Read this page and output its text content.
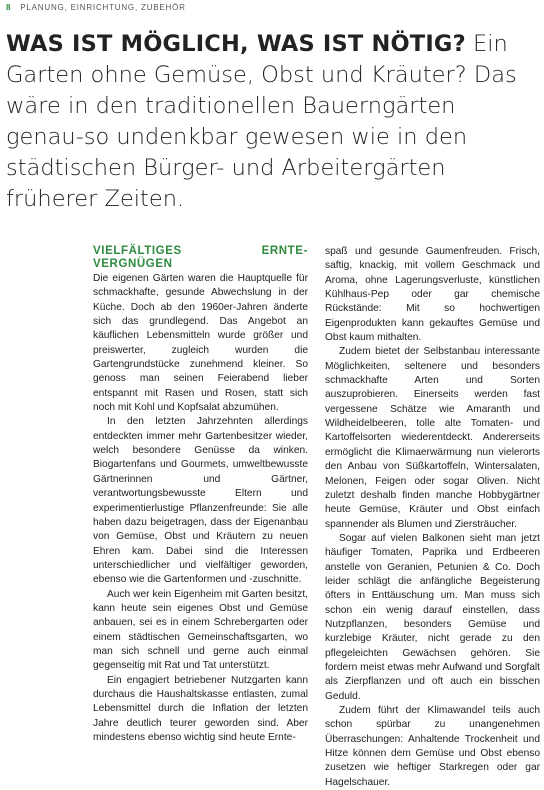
8 PLANUNG, EINRICHTUNG, ZUBEHÖR
WAS IST MÖGLICH, WAS IST NÖTIG? Ein Garten ohne Gemüse, Obst und Kräuter? Das wäre in den traditionellen Bauerngärten genau-so undenkbar gewesen wie in den städtischen Bürger- und Arbeitergärten früherer Zeiten.
VIELFÄLTIGES ERNTE-VERGNÜGEN

Die eigenen Gärten waren die Hauptquelle für schmackhafte, gesunde Abwechslung in der Küche. Doch ab den 1960er-Jahren änderte sich das grundlegend. Das Angebot an käuflichen Lebensmitteln wurde größer und preiswerter, zugleich wurden die Gartengrundstücke zunehmend kleiner. So genoss man seinen Feierabend lieber entspannt mit Rasen und Rosen, statt sich noch mit Kohl und Kopfsalat abzumühen.

In den letzten Jahrzehnten allerdings entdeckten immer mehr Gartenbesitzer wieder, welch besondere Genüsse da winken. Biogartenfans und Gourmets, umweltbewusste Gärtnerinnen und Gärtner, verantwortungsbewusste Eltern und experimentierlustige Pflanzenfreunde: Sie alle haben dazu beigetragen, dass der Eigenanbau von Gemüse, Obst und Kräutern zu neuen Ehren kam. Dabei sind die Interessen unterschiedlicher und vielfältiger geworden, ebenso wie die Gartenformen und -zuschnitte.

Auch wer kein Eigenheim mit Garten besitzt, kann heute sein eigenes Obst und Gemüse anbauen, sei es in einem Schrebergarten oder einem städtischen Gemeinschaftsgarten, wo man sich schnell und gerne auch einmal gegenseitig mit Rat und Tat unterstützt.

Ein engagiert betriebener Nutzgarten kann durchaus die Haushaltskasse entlasten, zumal Lebensmittel durch die Inflation der letzten Jahre deutlich teurer geworden sind. Aber mindestens ebenso wichtig sind heute Ernte-

spaß und gesunde Gaumenfreuden. Frisch, saftig, knackig, mit vollem Geschmack und Aroma, ohne Lagerungsverluste, künstlichen Kühlhaus-Pep oder gar chemische Rückstände: Mit so hochwertigen Eigenprodukten kann gekauftes Gemüse und Obst kaum mithalten.

Zudem bietet der Selbstanbau interessante Möglichkeiten, seltenere und besonders schmackhafte Arten und Sorten auszuprobieren. Einerseits werden fast vergessene Schätze wie Amaranth und Wildheidelbeeren, tolle alte Tomaten- und Kartoffelsorten wiederentdeckt. Andererseits ermöglicht die Klimaerwärmung nun vielerorts den Anbau von Süßkartoffeln, Wintersalaten, Melonen, Feigen oder sogar Oliven. Nicht zuletzt deshalb finden manche Hobbygärtner heute Gemüse, Kräuter und Obst einfach spannender als Blumen und Ziersträucher.

Sogar auf vielen Balkonen sieht man jetzt häufiger Tomaten, Paprika und Erdbeeren anstelle von Geranien, Petunien & Co. Doch leider schlägt die anfängliche Begeisterung öfters in Enttäuschung um. Man muss sich schon ein wenig darauf einstellen, dass Nutzpflanzen, besonders Gemüse und kurzlebige Kräuter, nicht gerade zu den pflegeleichten Gewächsen gehören. Sie fordern meist etwas mehr Aufwand und Sorgfalt als Zierpflanzen und oft auch ein bisschen Geduld.

Zudem führt der Klimawandel teils auch schon spürbar zu unangenehmen Überraschungen: Anhaltende Trockenheit und Hitze können dem Gemüse und Obst ebenso zusetzen wie heftiger Starkregen oder gar Hagelschauer.
